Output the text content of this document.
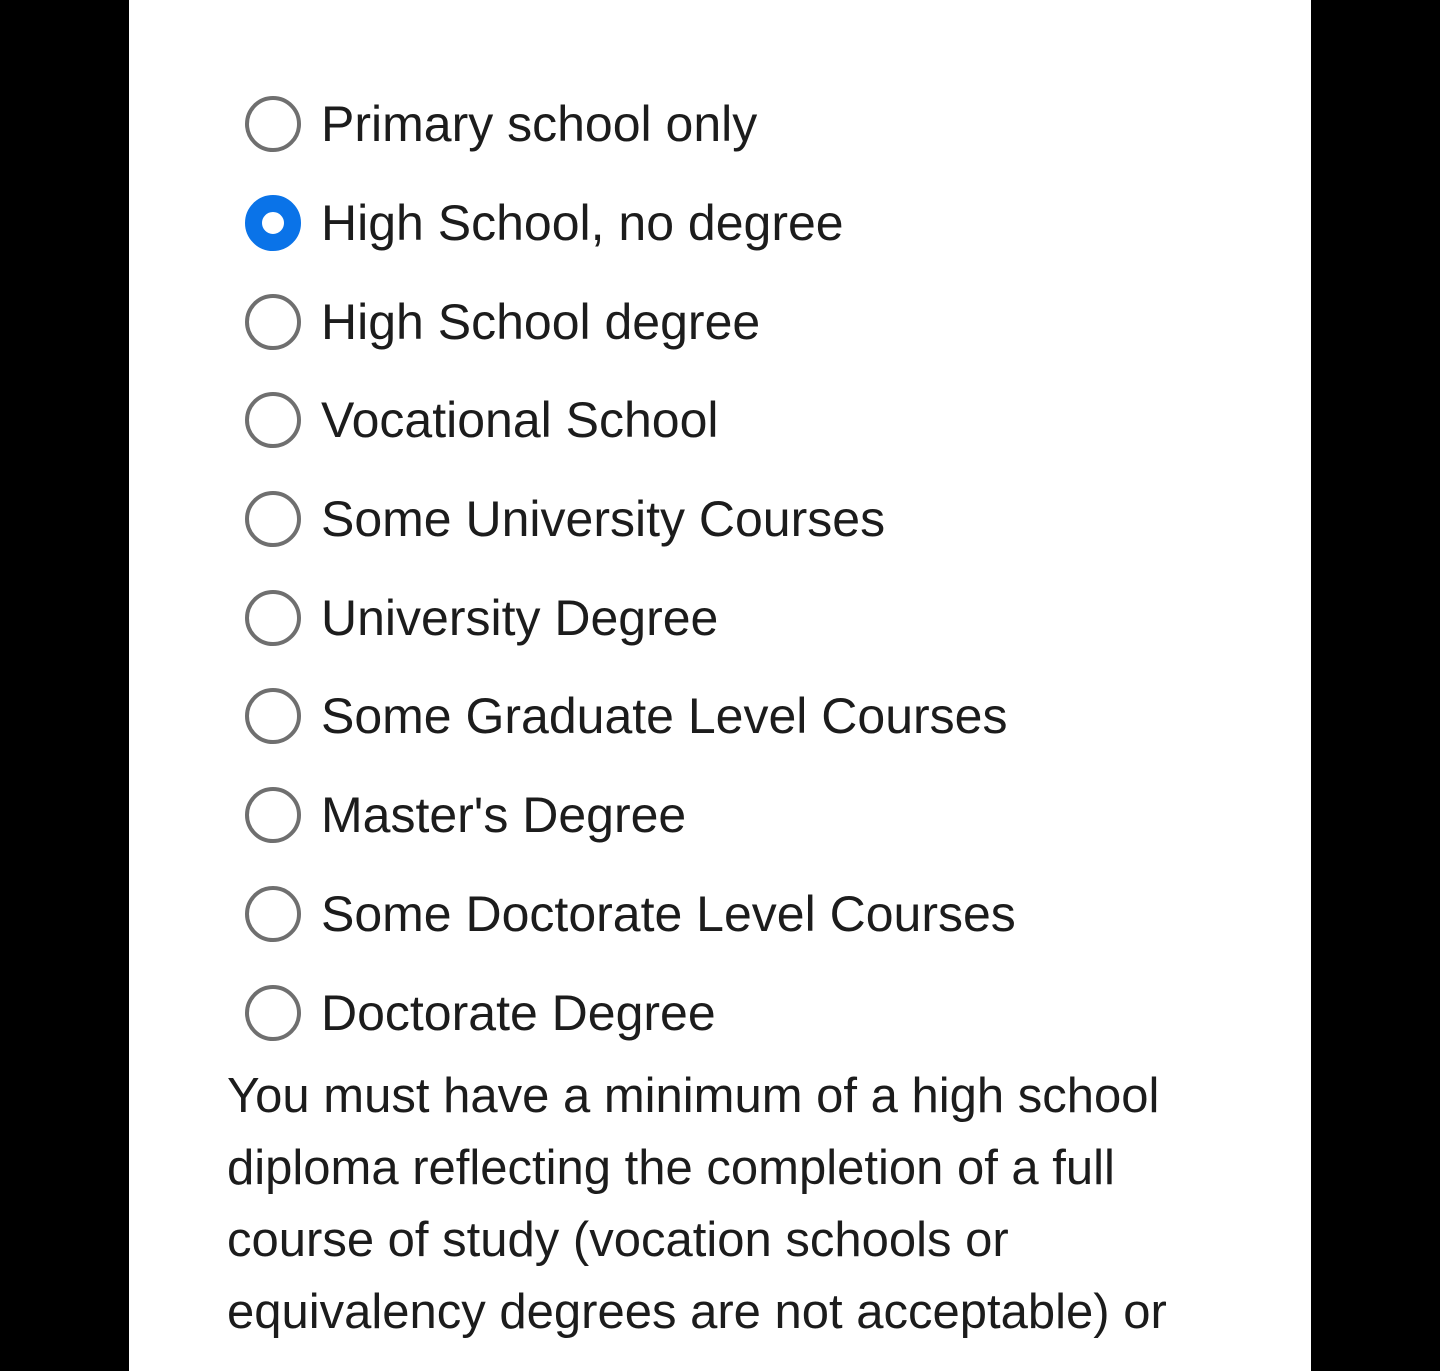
Primary school only
High School, no degree
High School degree
Vocational School
Some University Courses
University Degree
Some Graduate Level Courses
Master's Degree
Some Doctorate Level Courses
Doctorate Degree

You must have a minimum of a high school
diploma reflecting the completion of a full
course of study (vocation schools or
equivalency degrees are not acceptable) or
